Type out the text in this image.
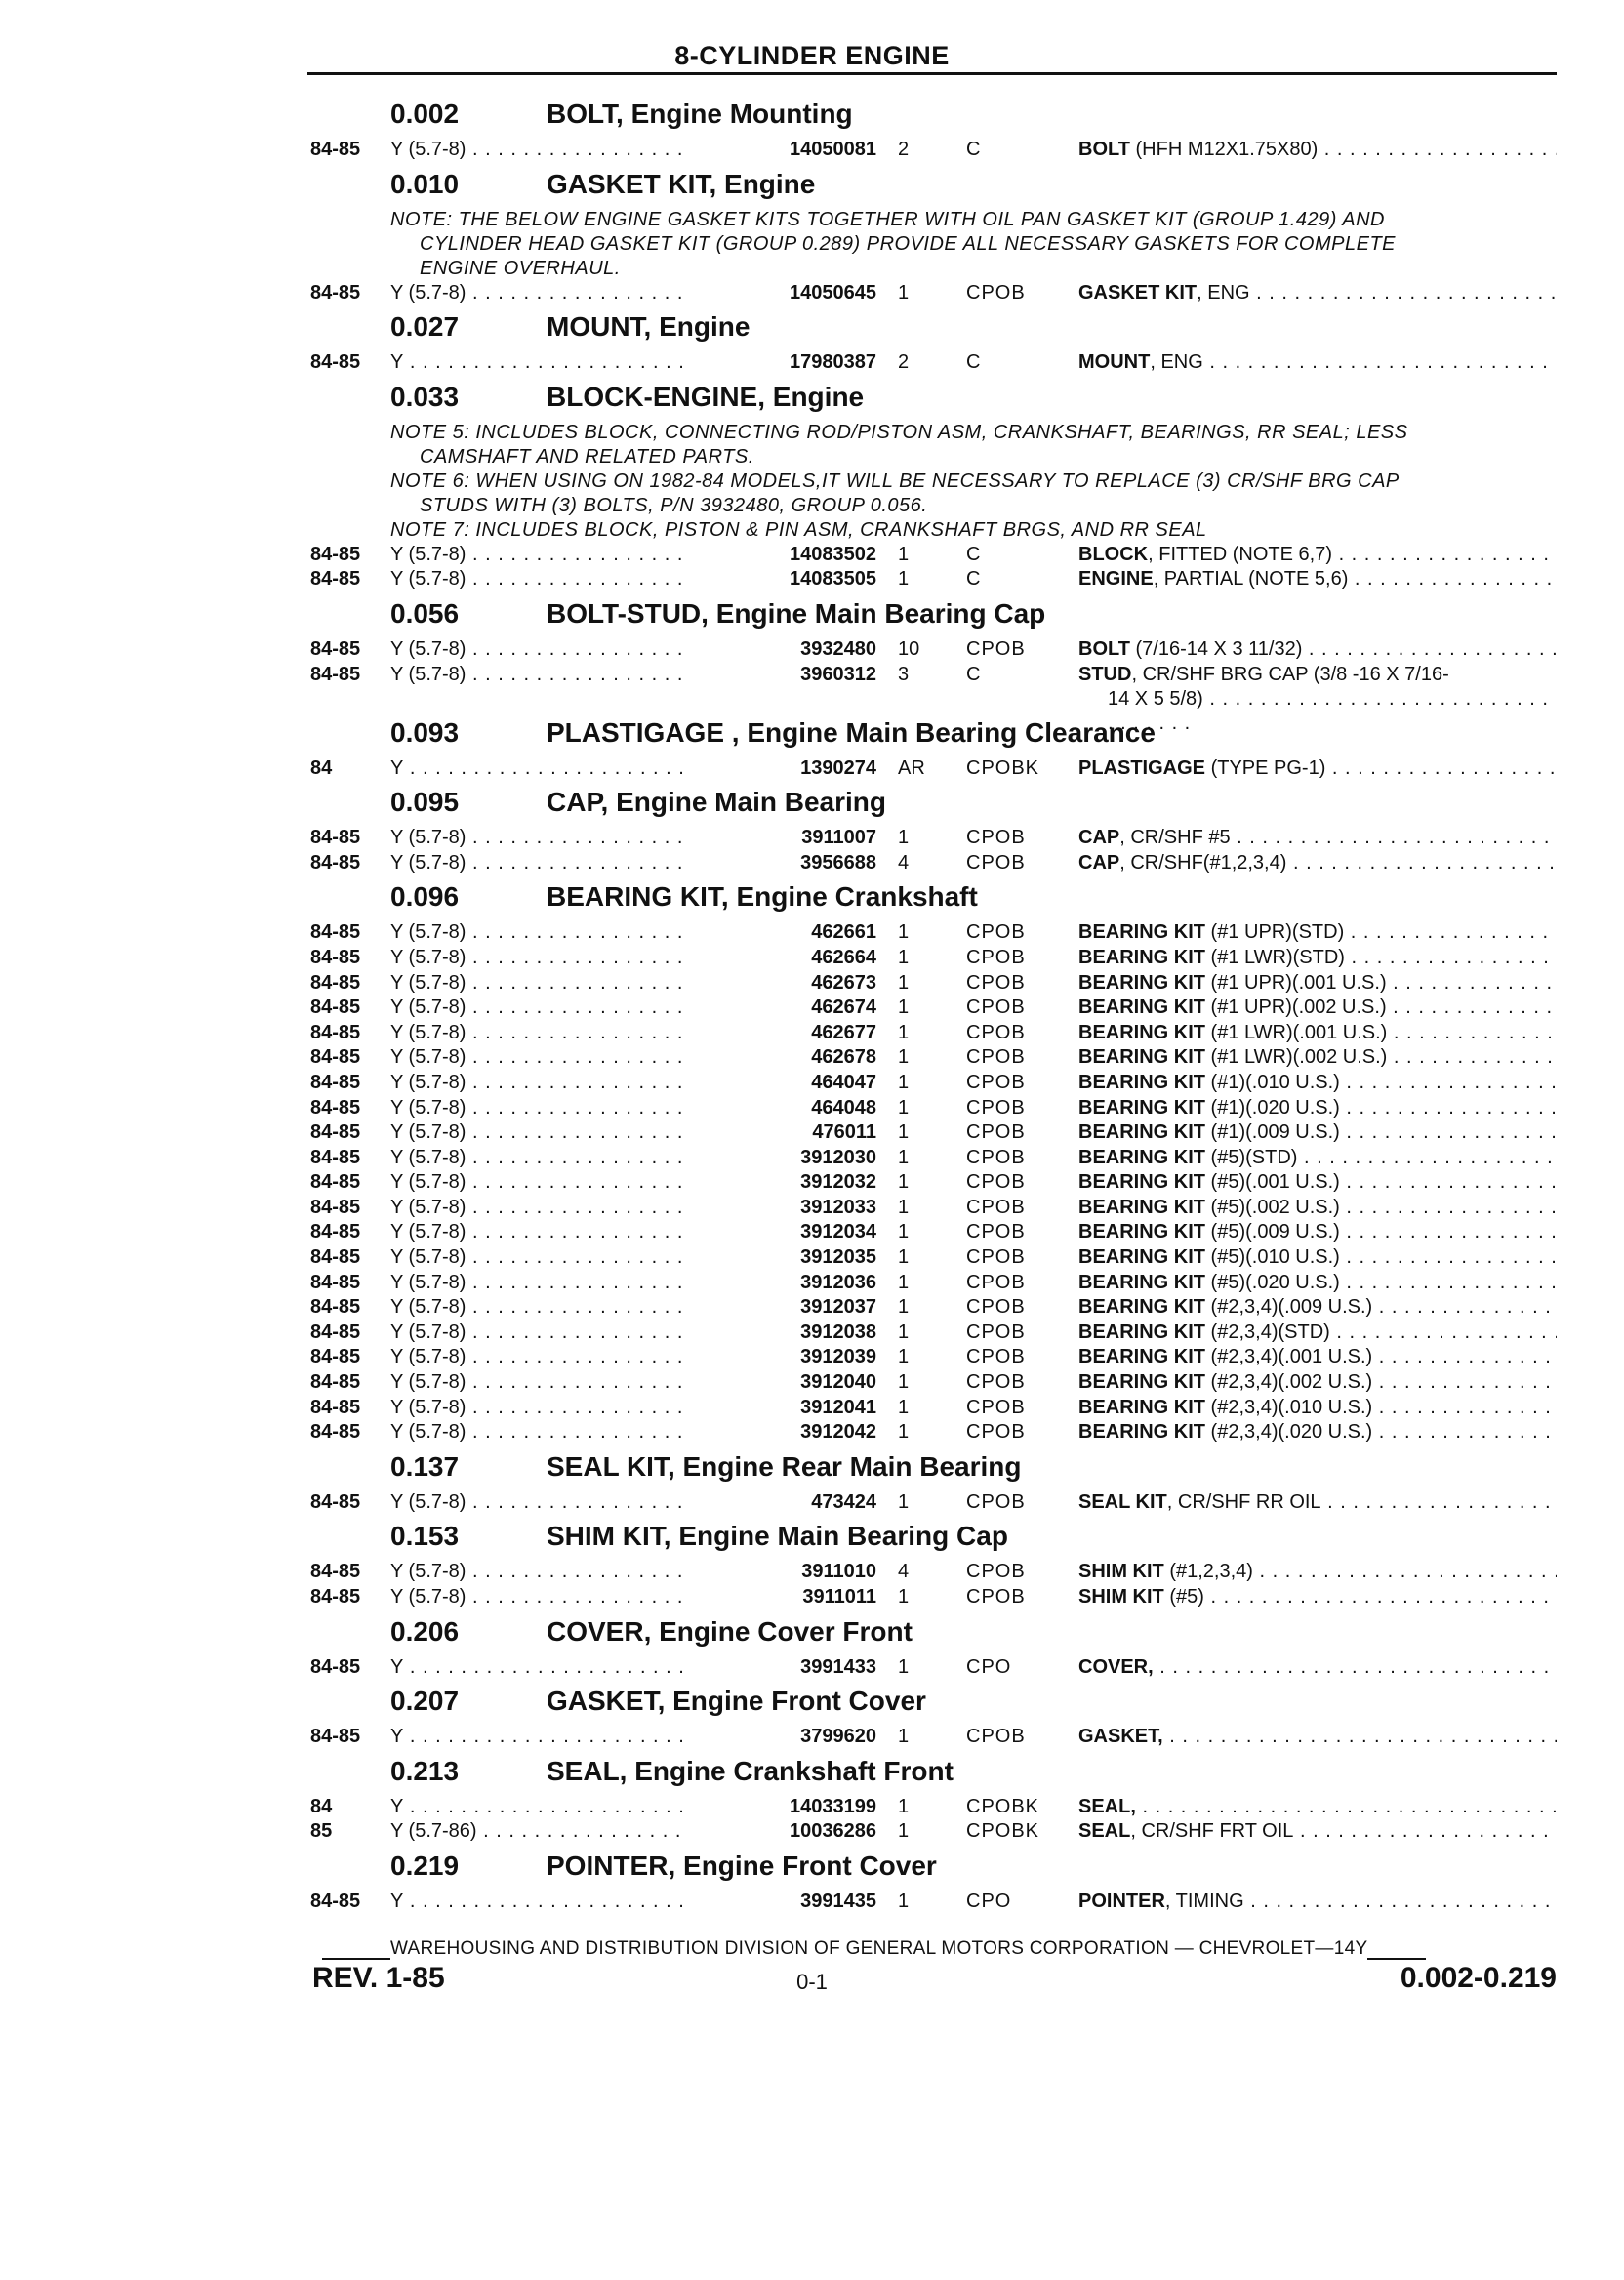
8-CYLINDER ENGINE
0.002	BOLT, Engine Mounting
84-85 Y (5.7-8) . . .	14050081 2	C	BOLT (HFH M12X1.75X80) . . .
0.010	GASKET KIT, Engine
NOTE: THE BELOW ENGINE GASKET KITS TOGETHER WITH OIL PAN GASKET KIT (GROUP 1.429) AND
CYLINDER HEAD GASKET KIT (GROUP 0.289) PROVIDE ALL NECESSARY GASKETS FOR COMPLETE
ENGINE OVERHAUL.
84-85 Y (5.7-8) . . .	14050645 1	CPOB	GASKET KIT, ENG . . .
0.027	MOUNT, Engine
84-85 Y . . .	17980387 2	C	MOUNT, ENG . . .
0.033	BLOCK-ENGINE, Engine
NOTE 5: INCLUDES BLOCK, CONNECTING ROD/PISTON ASM, CRANKSHAFT, BEARINGS, RR SEAL; LESS
CAMSHAFT AND RELATED PARTS.
NOTE 6: WHEN USING ON 1982-84 MODELS,IT WILL BE NECESSARY TO REPLACE (3) CR/SHF BRG CAP
STUDS WITH (3) BOLTS, P/N 3932480, GROUP 0.056.
NOTE 7: INCLUDES BLOCK, PISTON & PIN ASM, CRANKSHAFT BRGS, AND RR SEAL
84-85 Y (5.7-8) . . .	14083502 1	C	BLOCK, FITTED (NOTE 6,7) . . .
84-85 Y (5.7-8) . . .	14083505 1	C	ENGINE, PARTIAL (NOTE 5,6) . . .
0.056	BOLT-STUD, Engine Main Bearing Cap
84-85 Y (5.7-8) . . .	3932480 10	CPOB	BOLT (7/16-14 X 3 11/32) . . .
84-85 Y (5.7-8) . . .	3960312 3	C	STUD, CR/SHF BRG CAP (3/8 -16 X 7/16-
14 X 5 5/8) . . .
0.093	PLASTIGAGE , Engine Main Bearing Clearance
84	Y . . .	1390274 AR	CPOBK	PLASTIGAGE (TYPE PG-1) . . .
0.095	CAP, Engine Main Bearing
84-85 Y (5.7-8) . . .	3911007 1	CPOB	CAP, CR/SHF #5 . . .
84-85 Y (5.7-8) . . .	3956688 4	CPOB	CAP, CR/SHF(#1,2,3,4) . . .
0.096	BEARING KIT, Engine Crankshaft
84-85 Y (5.7-8) . . .	462661 1	CPOB	BEARING KIT (#1 UPR)(STD) . . .
84-85 Y (5.7-8) . . .	462664 1	CPOB	BEARING KIT (#1 LWR)(STD) . . .
84-85 Y (5.7-8) . . .	462673 1	CPOB	BEARING KIT (#1 UPR)(.001 U.S.) . . .
84-85 Y (5.7-8) . . .	462674 1	CPOB	BEARING KIT (#1 UPR)(.002 U.S.) . . .
84-85 Y (5.7-8) . . .	462677 1	CPOB	BEARING KIT (#1 LWR)(.001 U.S.) . . .
84-85 Y (5.7-8) . . .	462678 1	CPOB	BEARING KIT (#1 LWR)(.002 U.S.) . . .
84-85 Y (5.7-8) . . .	464047 1	CPOB	BEARING KIT (#1)(.010 U.S.) . . .
84-85 Y (5.7-8) . . .	464048 1	CPOB	BEARING KIT (#1)(.020 U.S.) . . .
84-85 Y (5.7-8) . . .	476011 1	CPOB	BEARING KIT (#1)(.009 U.S.) . . .
84-85 Y (5.7-8) . . .	3912030 1	CPOB	BEARING KIT (#5)(STD) . . .
84-85 Y (5.7-8) . . .	3912032 1	CPOB	BEARING KIT (#5)(.001 U.S.) . . .
84-85 Y (5.7-8) . . .	3912033 1	CPOB	BEARING KIT (#5)(.002 U.S.) . . .
84-85 Y (5.7-8) . . .	3912034 1	CPOB	BEARING KIT (#5)(.009 U.S.) . . .
84-85 Y (5.7-8) . . .	3912035 1	CPOB	BEARING KIT (#5)(.010 U.S.) . . .
84-85 Y (5.7-8) . . .	3912036 1	CPOB	BEARING KIT (#5)(.020 U.S.) . . .
84-85 Y (5.7-8) . . .	3912037 1	CPOB	BEARING KIT (#2,3,4)(.009 U.S.) . . .
84-85 Y (5.7-8) . . .	3912038 1	CPOB	BEARING KIT (#2,3,4)(STD) . . .
84-85 Y (5.7-8) . . .	3912039 1	CPOB	BEARING KIT (#2,3,4)(.001 U.S.) . . .
84-85 Y (5.7-8) . . .	3912040 1	CPOB	BEARING KIT (#2,3,4)(.002 U.S.) . . .
84-85 Y (5.7-8) . . .	3912041 1	CPOB	BEARING KIT (#2,3,4)(.010 U.S.) . . .
84-85 Y (5.7-8) . . .	3912042 1	CPOB	BEARING KIT (#2,3,4)(.020 U.S.) . . .
0.137	SEAL KIT, Engine Rear Main Bearing
84-85 Y (5.7-8) . . .	473424 1	CPOB	SEAL KIT, CR/SHF RR OIL . . .
0.153	SHIM KIT, Engine Main Bearing Cap
84-85 Y (5.7-8) . . .	3911010 4	CPOB	SHIM KIT (#1,2,3,4) . . .
84-85 Y (5.7-8) . . .	3911011 1	CPOB	SHIM KIT (#5) . . .
0.206	COVER, Engine Cover Front
84-85 Y . . .	3991433 1	CPO	COVER, . . .
0.207	GASKET, Engine Front Cover
84-85 Y . . .	3799620 1	CPOB	GASKET, . . .
0.213	SEAL, Engine Crankshaft Front
84	Y . . .	14033199 1	CPOBK	SEAL, . . .
85	Y (5.7-86) . . .	10036286 1	CPOBK	SEAL, CR/SHF FRT OIL . . .
0.219	POINTER, Engine Front Cover
84-85 Y . . .	3991435 1	CPO	POINTER, TIMING . . .
WAREHOUSING AND DISTRIBUTION DIVISION OF GENERAL MOTORS CORPORATION — CHEVROLET—14Y
REV. 1-85	0-1	0.002-0.219
